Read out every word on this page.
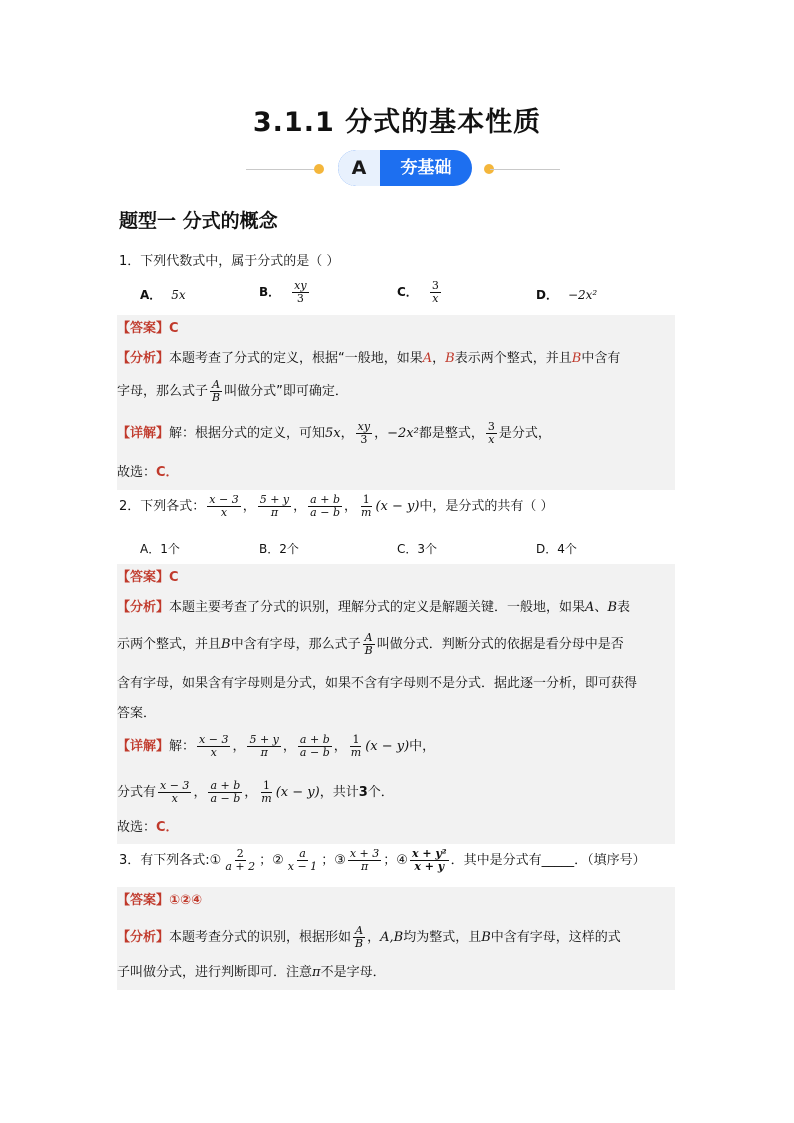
3.1.1 分式的基本性质
A	夯基础
题型一 分式的概念
1．下列代数式中，属于分式的是（ ）
A． 5x	B． $\frac{xy}{3}$	C． $\frac{3}{x}$	D． −2x²
【答案】C
【分析】本题考查了分式的定义，根据“一般地，如果A，B表示两个整式，并且B中含有
字母，那么式子 $\frac{A}{B}$ 叫做分式”即可确定．
【详解】解：根据分式的定义，可知5x， $\frac{xy}{3}$ ，−2x²都是整式， $\frac{3}{x}$ 是分式，
故选：C．
2．下列各式： $\frac{x - 3}{x}$ ， $\frac{5 + y}{\pi}$ ， $\frac{a + b}{a - b}$ ， $\frac{1}{m} (x - y)$中，是分式的共有（ ）
A．1个	B．2个	C．3个	D．4个
【答案】C
【分析】本题主要考查了分式的识别，理解分式的定义是解题关键．一般地，如果A、B表
示两个整式，并且B中含有字母，那么式子 $\frac{A}{B}$ 叫做分式．判断分式的依据是看分母中是否
含有字母，如果含有字母则是分式，如果不含有字母则不是分式．据此逐一分析，即可获得
答案．
【详解】解： $\frac{x - 3}{x}$ ， $\frac{5 + y}{\pi}$ ， $\frac{a + b}{a - b}$ ， $\frac{1}{m} (x - y)$中，
分式有 $\frac{x - 3}{x}$ ， $\frac{a + b}{a - b}$ ， $\frac{1}{m} (x - y)$，共计3个．
故选：C．
3．有下列各式:① $\frac{2}{a + 2}$ ；② $\frac{a}{x - 1}$ ；③ $\frac{x + 3}{\pi}$ ；④ $\frac{\text{x + y²}}{x + y}$ ．其中是分式有_____．（填序号）
【答案】①②④
【分析】本题考查分式的识别，根据形如 $\frac{A}{B}$ ，A,B均为整式，且B中含有字母，这样的式
子叫做分式，进行判断即可．注意π不是字母．
